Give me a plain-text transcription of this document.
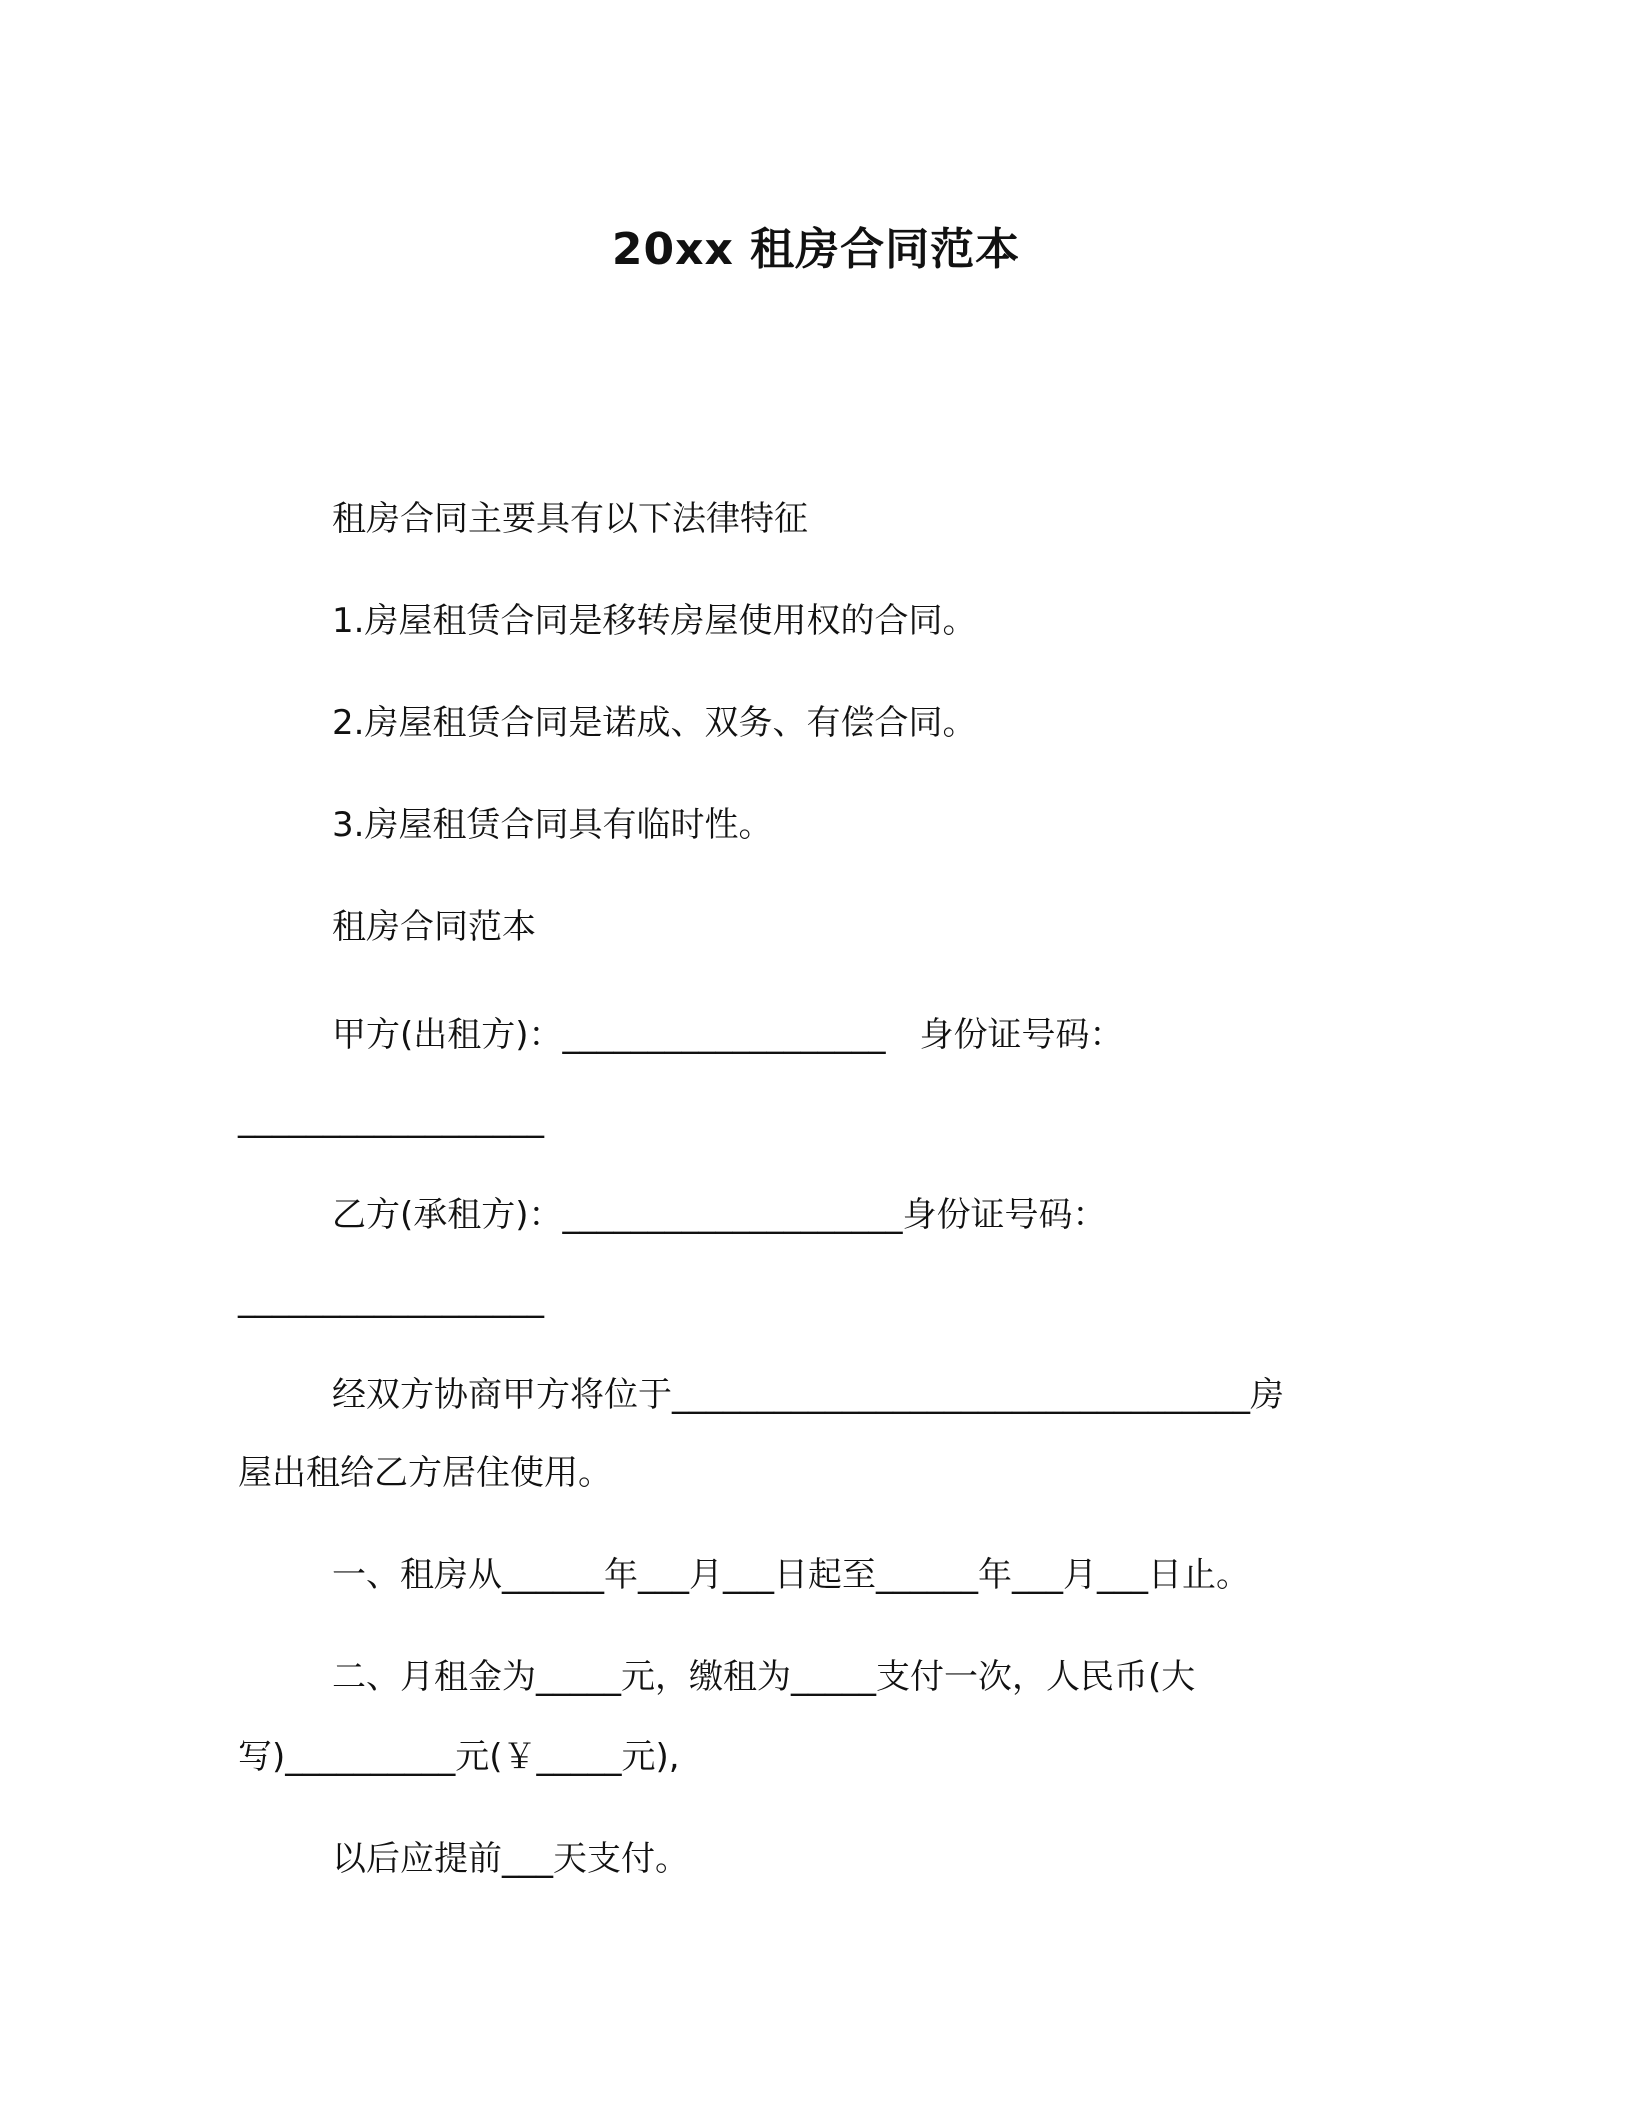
20xx 租房合同范本
租房合同主要具有以下法律特征
1.房屋租赁合同是移转房屋使用权的合同。
2.房屋租赁合同是诺成、双务、有偿合同。
3.房屋租赁合同具有临时性。
租房合同范本
甲方(出租方)：___________________　身份证号码：
__________________
乙方(承租方)：____________________身份证号码：
__________________
经双方协商甲方将位于__________________________________房
屋出租给乙方居住使用。
一、租房从______年___月___日起至______年___月___日止。
二、月租金为_____元，缴租为_____支付一次，人民币(大
写)__________元(￥_____元),
以后应提前___天支付。
